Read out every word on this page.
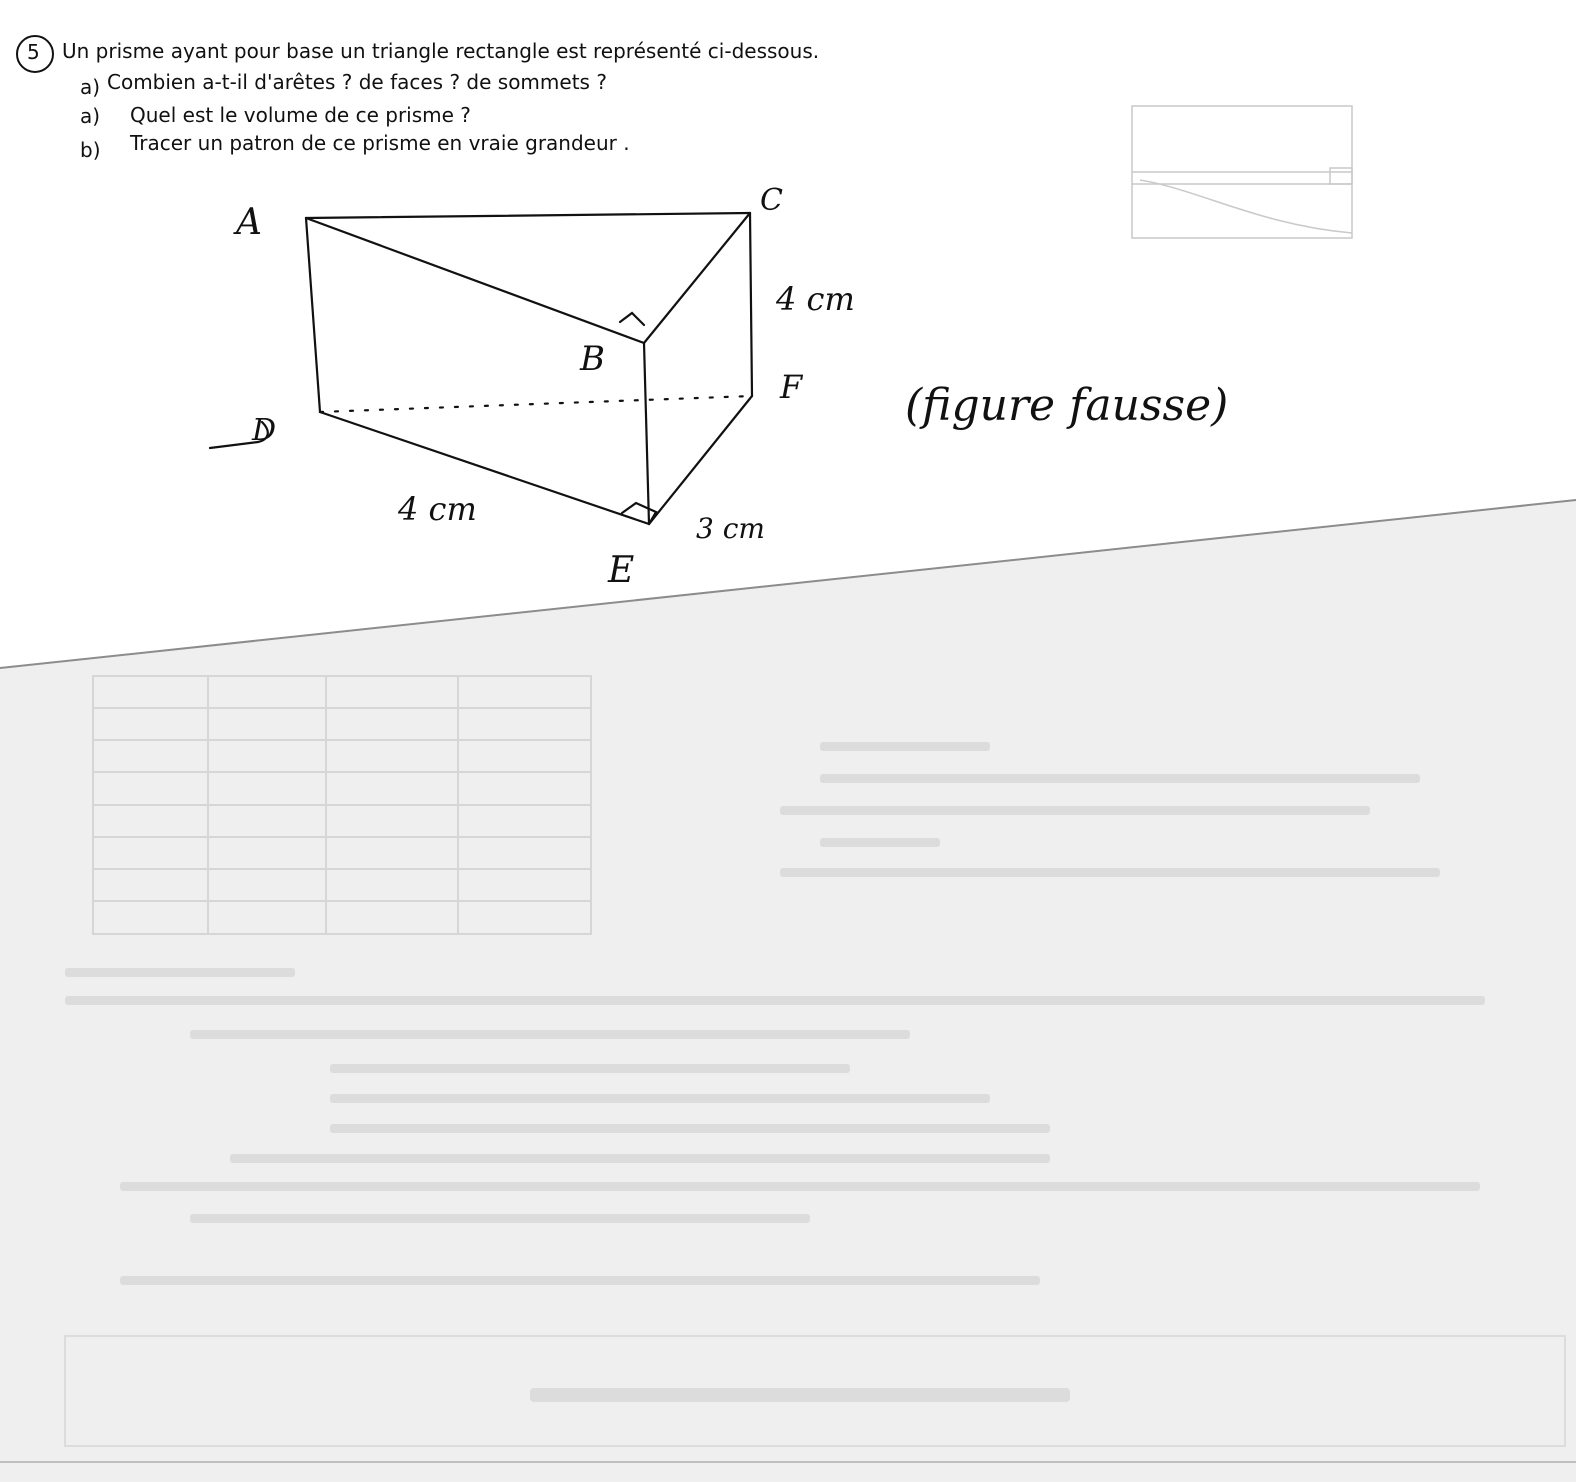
5 Un prisme ayant pour base un triangle rectangle est représenté ci-dessous.
a) Combien a-t-il d'arêtes ? de faces ? de sommets ?
a) Quel est le volume de ce prisme ?
b) Tracer un patron de ce prisme en vraie grandeur .
A
B
C
D
E
F
4 cm
4 cm
3 cm
(figure fausse)
